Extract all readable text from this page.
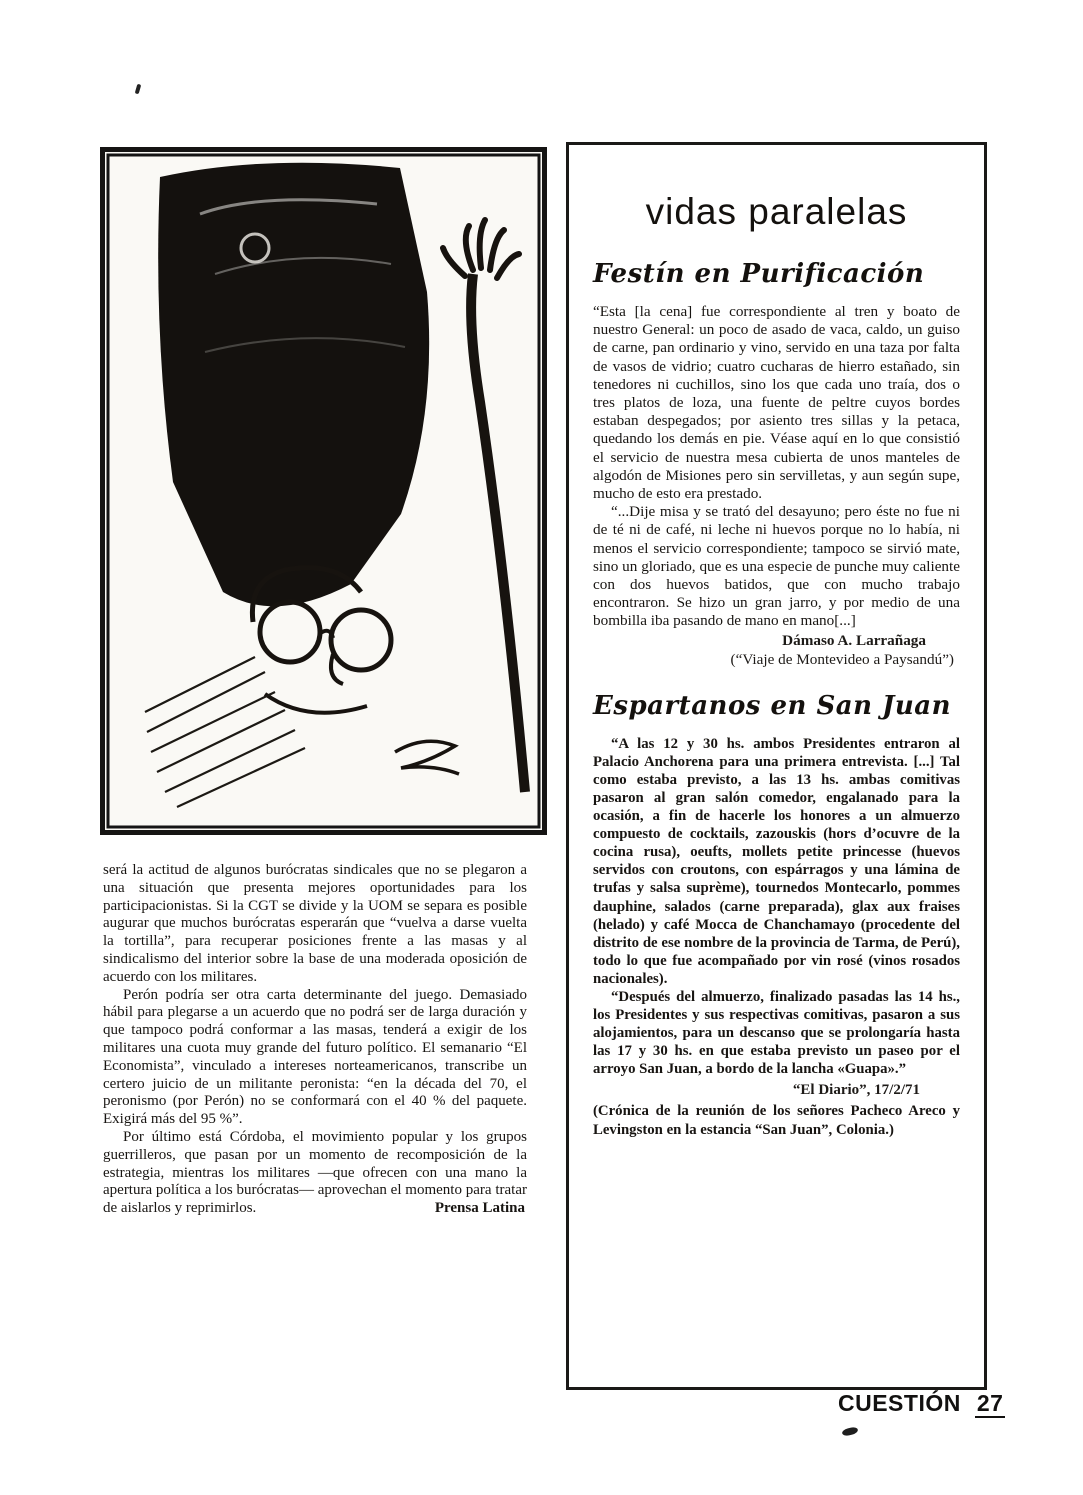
será la actitud de algunos burócratas sindicales que no se plegaron a una situación que presenta mejores oportunidades para los participacionistas. Si la CGT se divide y la UOM se separa es posible augurar que muchos burócratas esperarán que “vuelva a darse vuelta la tortilla”, para recuperar posiciones frente a las masas y al sindicalismo del interior sobre la base de una moderada oposición de acuerdo con los militares.

Perón podría ser otra carta determinante del juego. Demasiado hábil para plegarse a un acuerdo que no podrá ser de larga duración y que tampoco podrá conformar a las masas, tenderá a exigir de los militares una cuota muy grande del futuro político. El semanario “El Economista”, vinculado a intereses norteamericanos, transcribe un certero juicio de un militante peronista: “en la década del 70, el peronismo (por Perón) no se conformará con el 40 % del paquete. Exigirá más del 95 %”.

Por último está Córdoba, el movimiento popular y los grupos guerrilleros, que pasan por un momento de recomposición de la estrategia, mientras los militares —que ofrecen con una mano la apertura política a los burócratas— aprovechan el momento para tratar de aislarlos y reprimirlos.	Prensa Latina
vidas paralelas
Festín en Purificación

“Esta [la cena] fue correspondiente al tren y boato de nuestro General: un poco de asado de vaca, caldo, un guiso de carne, pan ordinario y vino, servido en una taza por falta de vasos de vidrio; cuatro cucharas de hierro estañado, sin tenedores ni cuchillos, sino los que cada uno traía, dos o tres platos de loza, una fuente de peltre cuyos bordes estaban despegados; por asiento tres sillas y la petaca, quedando los demás en pie. Véase aquí en lo que consistió el servicio de nuestra mesa cubierta de unos manteles de algodón de Misiones pero sin servilletas, y aun según supe, mucho de esto era prestado.

“...Dije misa y se trató del desayuno; pero éste no fue ni de té ni de café, ni leche ni huevos porque no lo había, ni menos el servicio correspondiente; tampoco se sirvió mate, sino un gloriado, que es una especie de punche muy caliente con dos huevos batidos, que con mucho trabajo encontraron. Se hizo un gran jarro, y por medio de una bombilla iba pasando de mano en mano[...]

Dámaso A. Larrañaga
(“Viaje de Montevideo a Paysandú”)
Espartanos en San Juan

“A las 12 y 30 hs. ambos Presidentes entraron al Palacio Anchorena para una primera entrevista. [...] Tal como estaba previsto, a las 13 hs. ambas comitivas pasaron al gran salón comedor, engalanado para la ocasión, a fin de hacerle los honores a un almuerzo compuesto de cocktails, zazouskis (hors d’ocuvre de la cocina rusa), oeufts, mollets petite princesse (huevos servidos con croutons, con espárragos y una lámina de trufas y salsa suprème), tournedos Montecarlo, pommes dauphine, salados (carne preparada), glax aux fraises (helado) y café Mocca de Chanchamayo (procedente del distrito de ese nombre de la provincia de Tarma, de Perú), todo lo que fue acompañado por vin rosé (vinos rosados nacionales).

“Después del almuerzo, finalizado pasadas las 14 hs., los Presidentes y sus respectivas comitivas, pasaron a sus alojamientos, para un descanso que se prolongaría hasta las 17 y 30 hs. en que estaba previsto un paseo por el arroyo San Juan, a bordo de la lancha «Guapa».”

“El Diario”, 17/2/71

(Crónica de la reunión de los señores Pacheco Areco y Levingston en la estancia “San Juan”, Colonia.)

CUESTIÓN 27
